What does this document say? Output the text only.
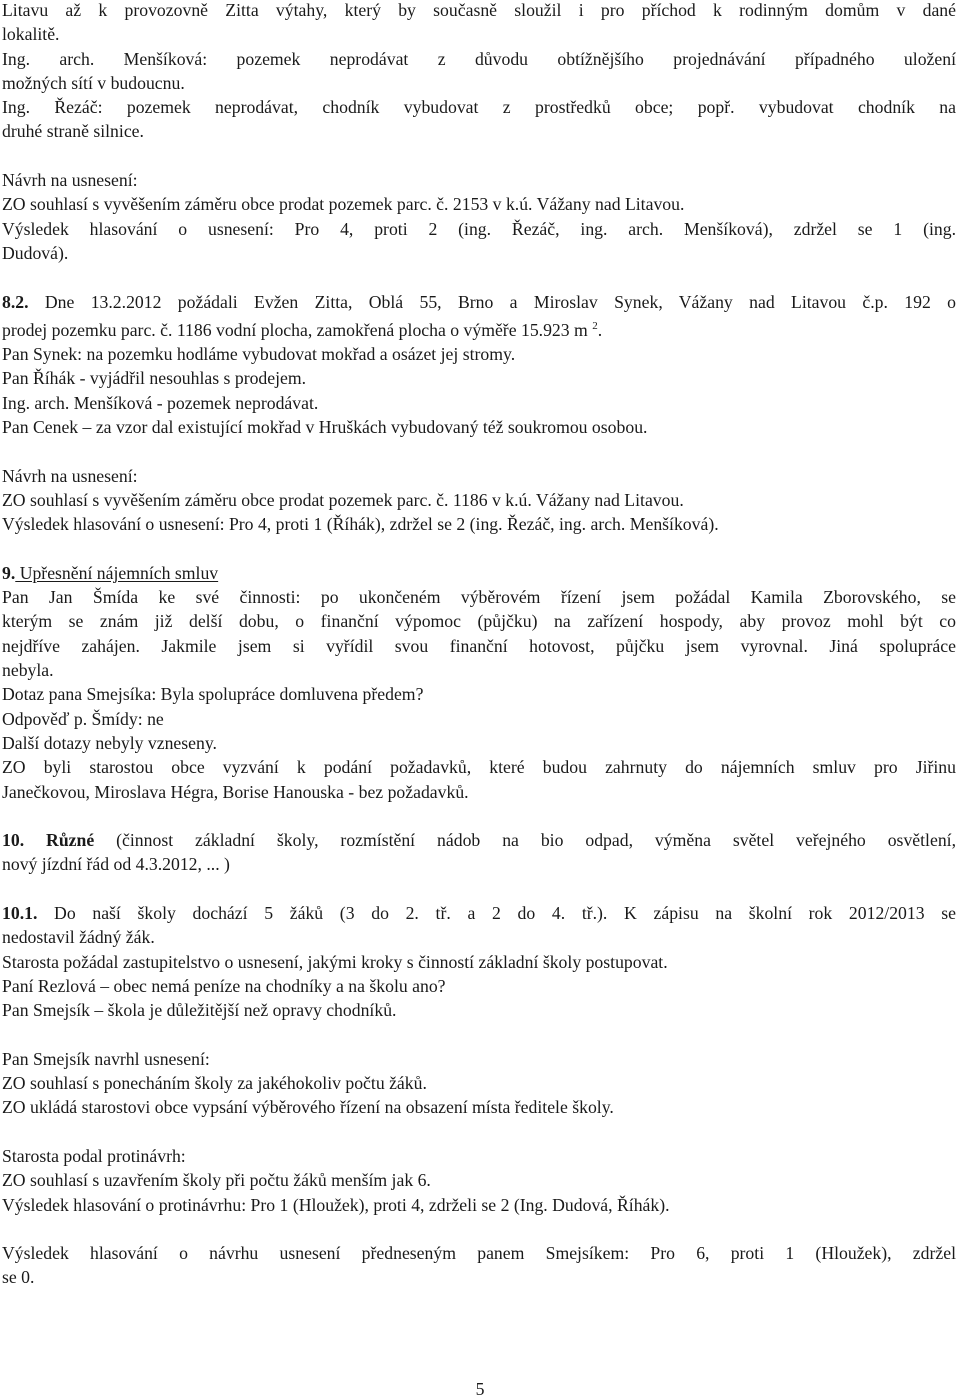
Litavu až k provozovně Zitta výtahy, který by současně sloužil i pro příchod k rodinným domům v dané

lokalitě.

Ing. arch. Menšíková: pozemek neprodávat z důvodu obtížnějšího projednávání případného uložení

možných sítí v budoucnu.

Ing. Řezáč: pozemek neprodávat, chodník vybudovat z prostředků obce; popř. vybudovat chodník na

druhé straně silnice.

Návrh na usnesení:

ZO souhlasí s vyvěšením záměru obce prodat pozemek parc. č. 2153 v k.ú. Vážany nad Litavou.

Výsledek hlasování o usnesení: Pro 4, proti 2 (ing. Řezáč, ing. arch. Menšíková), zdržel se 1 (ing.

Dudová).

8.2. Dne 13.2.2012 požádali Evžen Zitta, Oblá 55, Brno a Miroslav Synek, Vážany nad Litavou č.p. 192 o

prodej pozemku parc. č. 1186 vodní plocha, zamokřená plocha o výměře 15.923 m $^2$.

Pan Synek: na pozemku hodláme vybudovat mokřad a osázet jej stromy.

Pan Říhák - vyjádřil nesouhlas s prodejem.

Ing. arch. Menšíková - pozemek neprodávat.

Pan Cenek – za vzor dal existující mokřad v Hruškách vybudovaný též soukromou osobou.

Návrh na usnesení:

ZO souhlasí s vyvěšením záměru obce prodat pozemek parc. č. 1186 v k.ú. Vážany nad Litavou.

Výsledek hlasování o usnesení: Pro 4, proti 1 (Říhák), zdržel se 2 (ing. Řezáč, ing. arch. Menšíková).

9. Upřesnění nájemních smluv

Pan Jan Šmída ke své činnosti: po ukončeném výběrovém řízení jsem požádal Kamila Zborovského, se

kterým se znám již delší dobu, o finanční výpomoc (půjčku) na zařízení hospody, aby provoz mohl být co

nejdříve zahájen. Jakmile jsem si vyřídil svou finanční hotovost, půjčku jsem vyrovnal. Jiná spolupráce

nebyla.

Dotaz pana Smejsíka: Byla spolupráce domluvena předem?

Odpověď p. Šmídy: ne

Další dotazy nebyly vzneseny.

ZO byli starostou obce vyzvání k podání požadavků, které budou zahrnuty do nájemních smluv pro Jiřinu

Janečkovou, Miroslava Hégra, Borise Hanouska - bez požadavků.

10. Různé (činnost základní školy, rozmístění nádob na bio odpad, výměna světel veřejného osvětlení,

nový jízdní řád od 4.3.2012, ... )

10.1. Do naší školy dochází 5 žáků (3 do 2. tř. a 2 do 4. tř.). K zápisu na školní rok 2012/2013 se

nedostavil žádný žák.

Starosta požádal zastupitelstvo o usnesení, jakými kroky s činností základní školy postupovat.

Paní Rezlová – obec nemá peníze na chodníky a na školu ano?

Pan Smejsík – škola je důležitější než opravy chodníků.

Pan Smejsík navrhl usnesení:

ZO souhlasí s ponecháním školy za jakéhokoliv počtu žáků.

ZO ukládá starostovi obce vypsání výběrového řízení na obsazení místa ředitele školy.

Starosta podal protinávrh:

ZO souhlasí s uzavřením školy při počtu žáků menším jak 6.

Výsledek hlasování o protinávrhu: Pro 1 (Hloužek), proti 4, zdrželi se 2 (Ing. Dudová, Říhák).

Výsledek hlasování o návrhu usnesení předneseným panem Smejsíkem: Pro 6, proti 1 (Hloužek), zdržel

se 0.

5
